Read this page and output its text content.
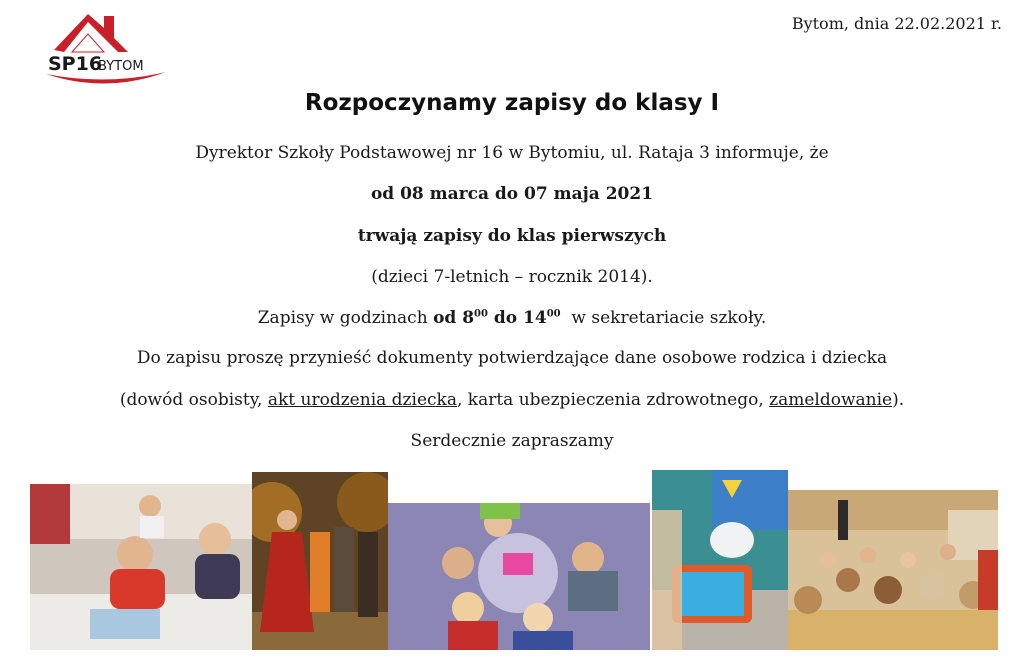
SP16
BYTOM
Bytom, dnia 22.02.2021 r.
Rozpoczynamy zapisy do klasy I
Dyrektor Szkoły Podstawowej nr 16 w Bytomiu, ul. Rataja 3 informuje, że
od 08 marca do 07 maja 2021
trwają zapisy do klas pierwszych
(dzieci 7-letnich – rocznik 2014).
Zapisy w godzinach od $8^{00}$ do $14^{00}$  w sekretariacie szkoły.
Do zapisu proszę przynieść dokumenty potwierdzające dane osobowe rodzica i dziecka
(dowód osobisty, akt urodzenia dziecka, karta ubezpieczenia zdrowotnego, zameldowanie).
Serdecznie zapraszamy
